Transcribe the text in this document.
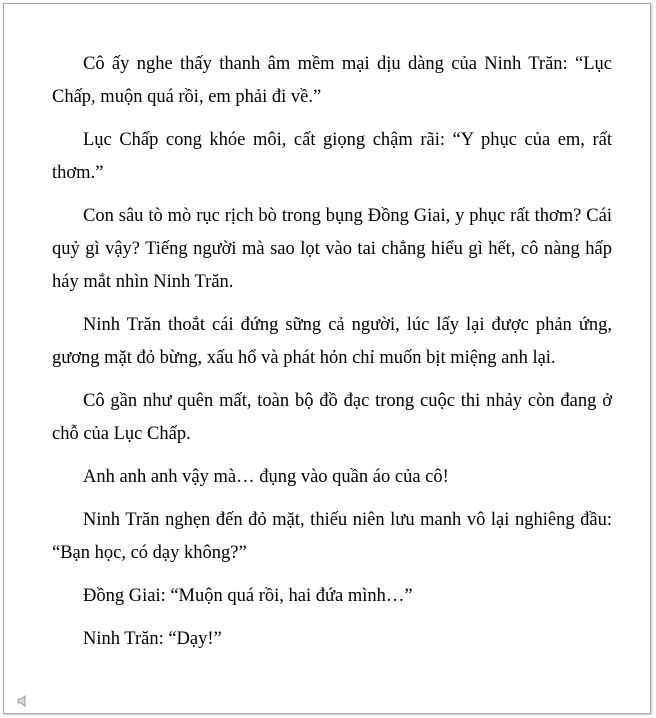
Cô ấy nghe thấy thanh âm mềm mại dịu dàng của Ninh Trăn: “Lục Chấp, muộn quá rồi, em phải đi về.”

Lục Chấp cong khóe môi, cất giọng chậm rãi: “Y phục của em, rất thơm.”

Con sâu tò mò rục rịch bò trong bụng Đồng Giai, y phục rất thơm? Cái quỷ gì vậy? Tiếng người mà sao lọt vào tai chẳng hiểu gì hết, cô nàng hấp háy mắt nhìn Ninh Trăn.

Ninh Trăn thoắt cái đứng sững cả người, lúc lấy lại được phản ứng, gương mặt đỏ bừng, xấu hổ và phát hỏn chỉ muốn bịt miệng anh lại.

Cô gần như quên mất, toàn bộ đồ đạc trong cuộc thi nhảy còn đang ở chỗ của Lục Chấp.

Anh anh anh vậy mà… đụng vào quần áo của cô!

Ninh Trăn nghẹn đến đỏ mặt, thiếu niên lưu manh vô lại nghiêng đầu: “Bạn học, có dạy không?”

Đồng Giai: “Muộn quá rồi, hai đứa mình…”

Ninh Trăn: “Dạy!”
